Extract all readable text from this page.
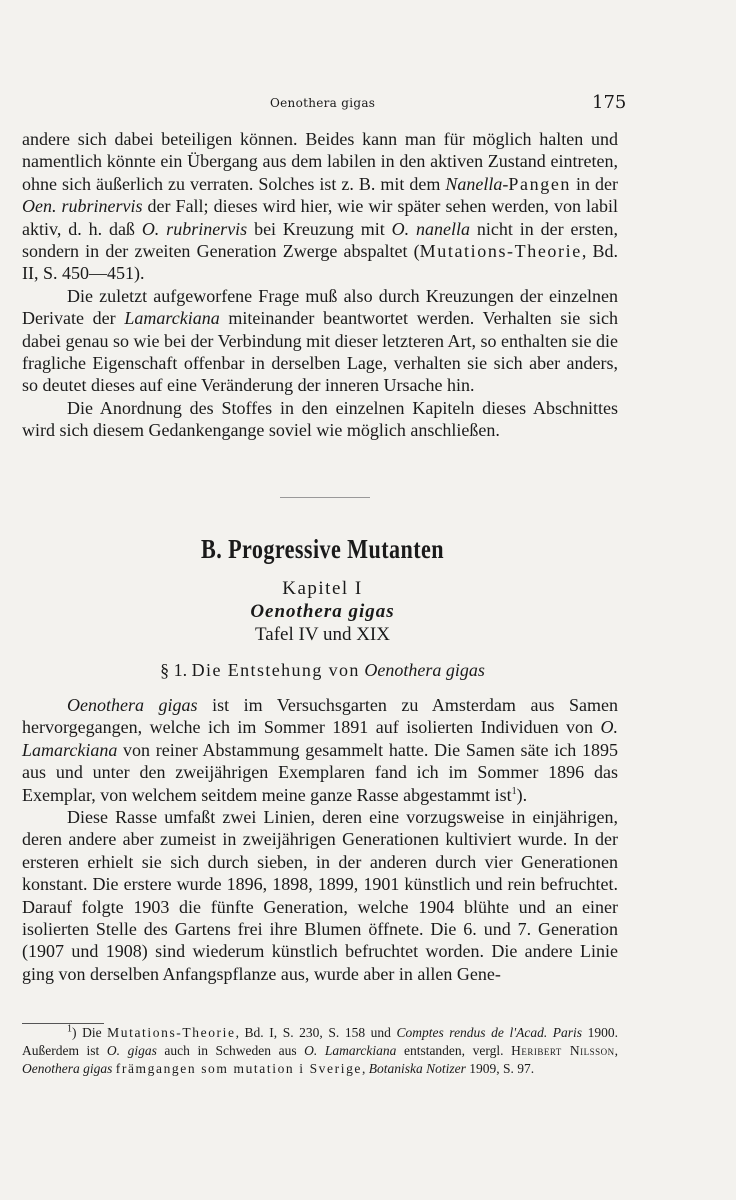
Oenothera gigas	175

andere sich dabei beteiligen können. Beides kann man für möglich halten und namentlich könnte ein Übergang aus dem labilen in den aktiven Zustand eintreten, ohne sich äußerlich zu verraten. Solches ist z. B. mit dem Nanella-Pangen in der Oen. rubrinervis der Fall; dieses wird hier, wie wir später sehen werden, von labil aktiv, d. h. daß O. rubrinervis bei Kreuzung mit O. nanella nicht in der ersten, sondern in der zweiten Generation Zwerge abspaltet (Mutations-Theorie, Bd. II, S. 450—451).

Die zuletzt aufgeworfene Frage muß also durch Kreuzungen der einzelnen Derivate der Lamarckiana miteinander beantwortet werden. Verhalten sie sich dabei genau so wie bei der Verbindung mit dieser letzteren Art, so enthalten sie die fragliche Eigenschaft offenbar in derselben Lage, verhalten sie sich aber anders, so deutet dieses auf eine Veränderung der inneren Ursache hin.

Die Anordnung des Stoffes in den einzelnen Kapiteln dieses Abschnittes wird sich diesem Gedankengange soviel wie möglich anschließen.

B. Progressive Mutanten
Kapitel I
Oenothera gigas
Tafel IV und XIX
§ 1. Die Entstehung von Oenothera gigas

Oenothera gigas ist im Versuchsgarten zu Amsterdam aus Samen hervorgegangen, welche ich im Sommer 1891 auf isolierten Individuen von O. Lamarckiana von reiner Abstammung gesammelt hatte. Die Samen säte ich 1895 aus und unter den zweijährigen Exemplaren fand ich im Sommer 1896 das Exemplar, von welchem seitdem meine ganze Rasse abgestammt ist$^1$).

Diese Rasse umfaßt zwei Linien, deren eine vorzugsweise in einjährigen, deren andere aber zumeist in zweijährigen Generationen kultiviert wurde. In der ersteren erhielt sie sich durch sieben, in der anderen durch vier Generationen konstant. Die erstere wurde 1896, 1898, 1899, 1901 künstlich und rein befruchtet. Darauf folgte 1903 die fünfte Generation, welche 1904 blühte und an einer isolierten Stelle des Gartens frei ihre Blumen öffnete. Die 6. und 7. Generation (1907 und 1908) sind wiederum künstlich befruchtet worden. Die andere Linie ging von derselben Anfangspflanze aus, wurde aber in allen Gene-

$^1$) Die Mutations-Theorie, Bd. I, S. 230, S. 158 und Comptes rendus de l'Acad. Paris 1900. Außerdem ist O. gigas auch in Schweden aus O. Lamarckiana entstanden, vergl. Heribert Nilsson, Oenothera gigas främgangen som mutation i Sverige, Botaniska Notizer 1909, S. 97.
